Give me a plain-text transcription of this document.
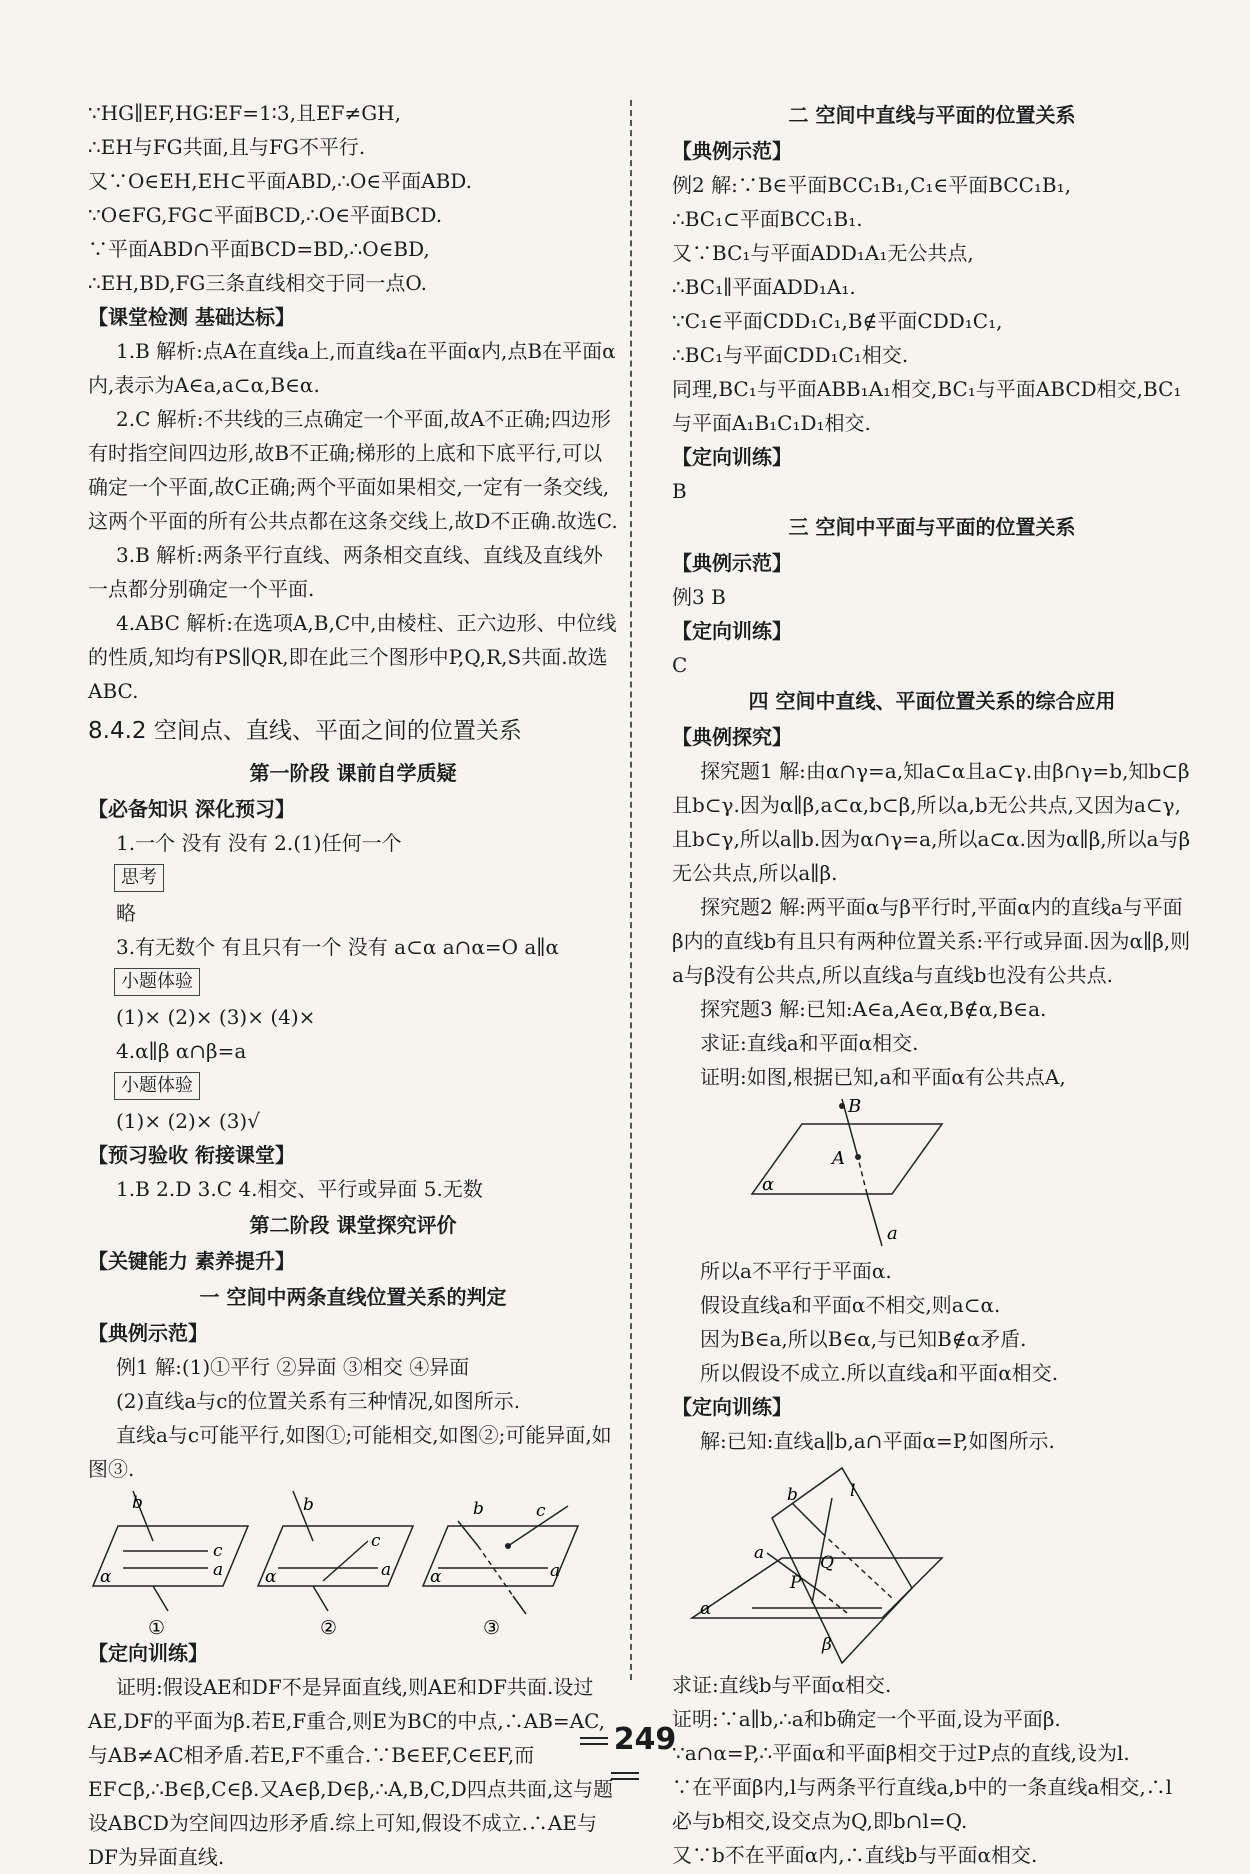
∵HG∥EF,HG∶EF=1∶3,且EF≠GH,

∴EH与FG共面,且与FG不平行.

又∵O∈EH,EH⊂平面ABD,∴O∈平面ABD.

∵O∈FG,FG⊂平面BCD,∴O∈平面BCD.

∵平面ABD∩平面BCD=BD,∴O∈BD,

∴EH,BD,FG三条直线相交于同一点O.

【课堂检测 基础达标】

1.B 解析:点A在直线a上,而直线a在平面α内,点B在平面α内,表示为A∈a,a⊂α,B∈α.

2.C 解析:不共线的三点确定一个平面,故A不正确;四边形有时指空间四边形,故B不正确;梯形的上底和下底平行,可以确定一个平面,故C正确;两个平面如果相交,一定有一条交线,这两个平面的所有公共点都在这条交线上,故D不正确.故选C.

3.B 解析:两条平行直线、两条相交直线、直线及直线外一点都分别确定一个平面.

4.ABC 解析:在选项A,B,C中,由棱柱、正六边形、中位线的性质,知均有PS∥QR,即在此三个图形中P,Q,R,S共面.故选ABC.

8.4.2 空间点、直线、平面之间的位置关系

第一阶段 课前自学质疑

【必备知识 深化预习】

1.一个 没有 没有 2.(1)任何一个

思考

略

3.有无数个 有且只有一个 没有 a⊂α a∩α=O a∥α

小题体验

(1)× (2)× (3)× (4)×

4.α∥β α∩β=a

小题体验

(1)× (2)× (3)√

【预习验收 衔接课堂】

1.B 2.D 3.C 4.相交、平行或异面 5.无数

第二阶段 课堂探究评价

【关键能力 素养提升】

一 空间中两条直线位置关系的判定

【典例示范】

例1 解:(1)①平行 ②异面 ③相交 ④异面

(2)直线a与c的位置关系有三种情况,如图所示.

直线a与c可能平行,如图①;可能相交,如图②;可能异面,如图③.

b
c
a
α
b
c
a
α
b	c
a
α
①	②	③

【定向训练】

证明:假设AE和DF不是异面直线,则AE和DF共面.设过AE,DF的平面为β.若E,F重合,则E为BC的中点,∴AB=AC,与AB≠AC相矛盾.若E,F不重合.∵B∈EF,C∈EF,而EF⊂β,∴B∈β,C∈β.又A∈β,D∈β,∴A,B,C,D四点共面,这与题设ABCD为空间四边形矛盾.综上可知,假设不成立.∴AE与DF为异面直线.

二 空间中直线与平面的位置关系

【典例示范】

例2 解:∵B∈平面BCC₁B₁,C₁∈平面BCC₁B₁,

∴BC₁⊂平面BCC₁B₁.

又∵BC₁与平面ADD₁A₁无公共点,

∴BC₁∥平面ADD₁A₁.

∵C₁∈平面CDD₁C₁,B∉平面CDD₁C₁,

∴BC₁与平面CDD₁C₁相交.

同理,BC₁与平面ABB₁A₁相交,BC₁与平面ABCD相交,BC₁与平面A₁B₁C₁D₁相交.

【定向训练】

B

三 空间中平面与平面的位置关系

【典例示范】

例3 B

【定向训练】

C

四 空间中直线、平面位置关系的综合应用

【典例探究】

探究题1 解:由α∩γ=a,知a⊂α且a⊂γ.由β∩γ=b,知b⊂β且b⊂γ.因为α∥β,a⊂α,b⊂β,所以a,b无公共点,又因为a⊂γ,且b⊂γ,所以a∥b.因为α∩γ=a,所以a⊂α.因为α∥β,所以a与β无公共点,所以a∥β.

探究题2 解:两平面α与β平行时,平面α内的直线a与平面β内的直线b有且只有两种位置关系:平行或异面.因为α∥β,则a与β没有公共点,所以直线a与直线b也没有公共点.

探究题3 解:已知:A∈a,A∈α,B∉α,B∈a.

求证:直线a和平面α相交.

证明:如图,根据已知,a和平面α有公共点A,

B
A
α
a

所以a不平行于平面α.

假设直线a和平面α不相交,则a⊂α.

因为B∈a,所以B∈α,与已知B∉α矛盾.

所以假设不成立.所以直线a和平面α相交.

【定向训练】

解:已知:直线a∥b,a∩平面α=P,如图所示.

b	l
a
P
Q
α
β

求证:直线b与平面α相交.

证明:∵a∥b,∴a和b确定一个平面,设为平面β.

∵a∩α=P,∴平面α和平面β相交于过P点的直线,设为l.

∵在平面β内,l与两条平行直线a,b中的一条直线a相交,∴l必与b相交,设交点为Q,即b∩l=Q.

又∵b不在平面α内,∴直线b与平面α相交.

249
